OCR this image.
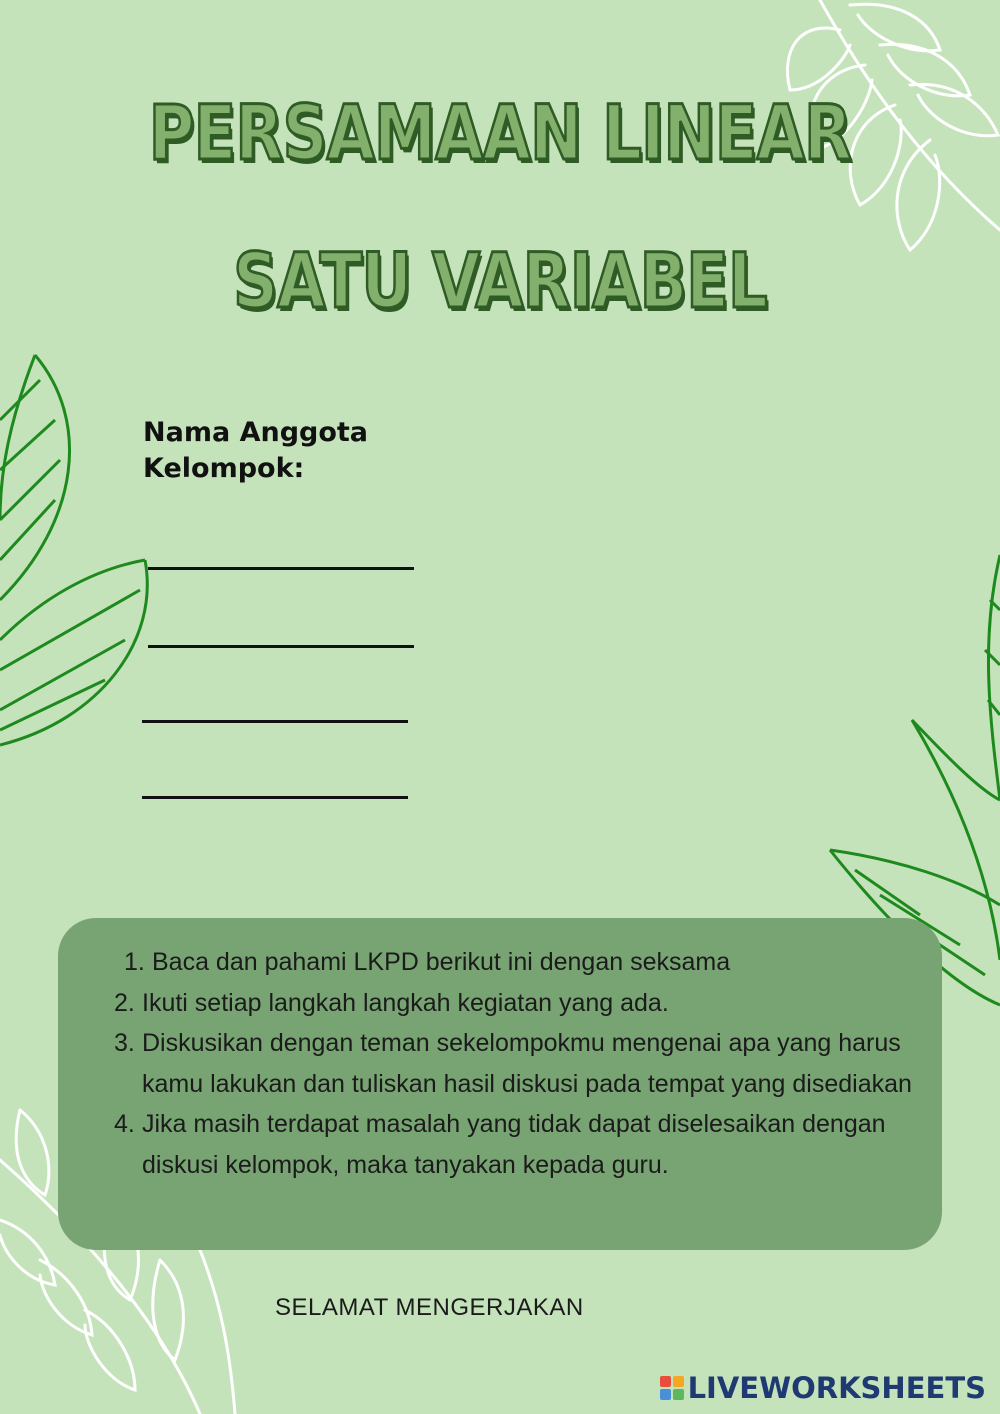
PERSAMAAN LINEAR
SATU VARIABEL

Nama Anggota Kelompok:

1. Baca dan pahami LKPD berikut ini dengan seksama
2. Ikuti setiap langkah langkah kegiatan yang ada.
3. Diskusikan dengan teman sekelompokmu mengenai apa yang harus kamu lakukan dan tuliskan hasil diskusi pada tempat yang disediakan
4. Jika masih terdapat masalah yang tidak dapat diselesaikan dengan diskusi kelompok, maka tanyakan kepada guru.

SELAMAT MENGERJAKAN

LIVEWORKSHEETS
